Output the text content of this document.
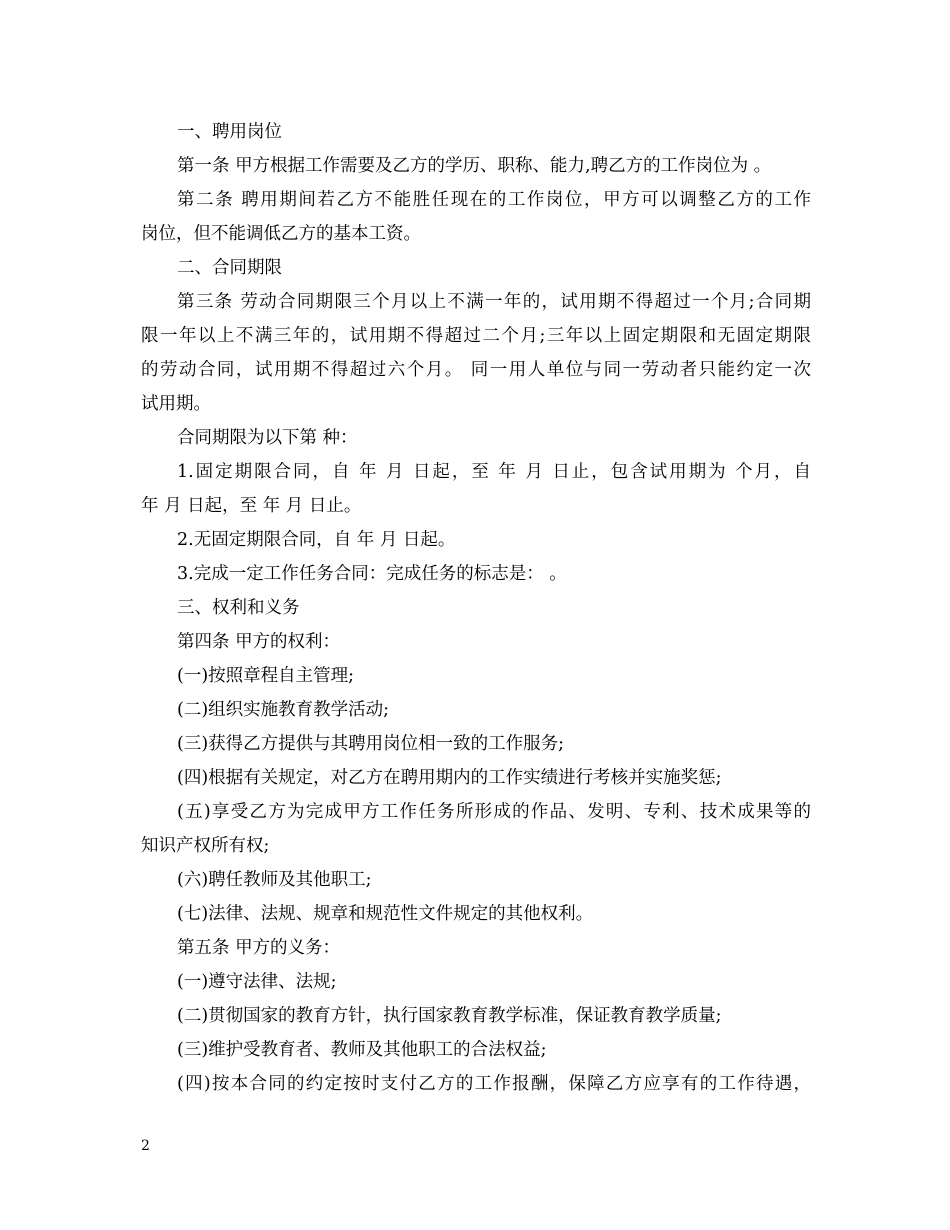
一、聘用岗位
第一条 甲方根据工作需要及乙方的学历、职称、能力,聘乙方的工作岗位为 。
第二条 聘用期间若乙方不能胜任现在的工作岗位，甲方可以调整乙方的工作
岗位，但不能调低乙方的基本工资。
二、合同期限
第三条 劳动合同期限三个月以上不满一年的，试用期不得超过一个月;合同期
限一年以上不满三年的，试用期不得超过二个月;三年以上固定期限和无固定期限
的劳动合同，试用期不得超过六个月。 同一用人单位与同一劳动者只能约定一次
试用期。
合同期限为以下第 种：
1.固定期限合同，自 年 月 日起，至 年 月 日止，包含试用期为 个月，自
年 月 日起，至 年 月 日止。
2.无固定期限合同，自 年 月 日起。
3.完成一定工作任务合同：完成任务的标志是： 。
三、权利和义务
第四条 甲方的权利：
(一)按照章程自主管理;
(二)组织实施教育教学活动;
(三)获得乙方提供与其聘用岗位相一致的工作服务;
(四)根据有关规定，对乙方在聘用期内的工作实绩进行考核并实施奖惩;
(五)享受乙方为完成甲方工作任务所形成的作品、发明、专利、技术成果等的
知识产权所有权;
(六)聘任教师及其他职工;
(七)法律、法规、规章和规范性文件规定的其他权利。
第五条 甲方的义务：
(一)遵守法律、法规;
(二)贯彻国家的教育方针，执行国家教育教学标准，保证教育教学质量;
(三)维护受教育者、教师及其他职工的合法权益;
(四)按本合同的约定按时支付乙方的工作报酬，保障乙方应享有的工作待遇，
2
